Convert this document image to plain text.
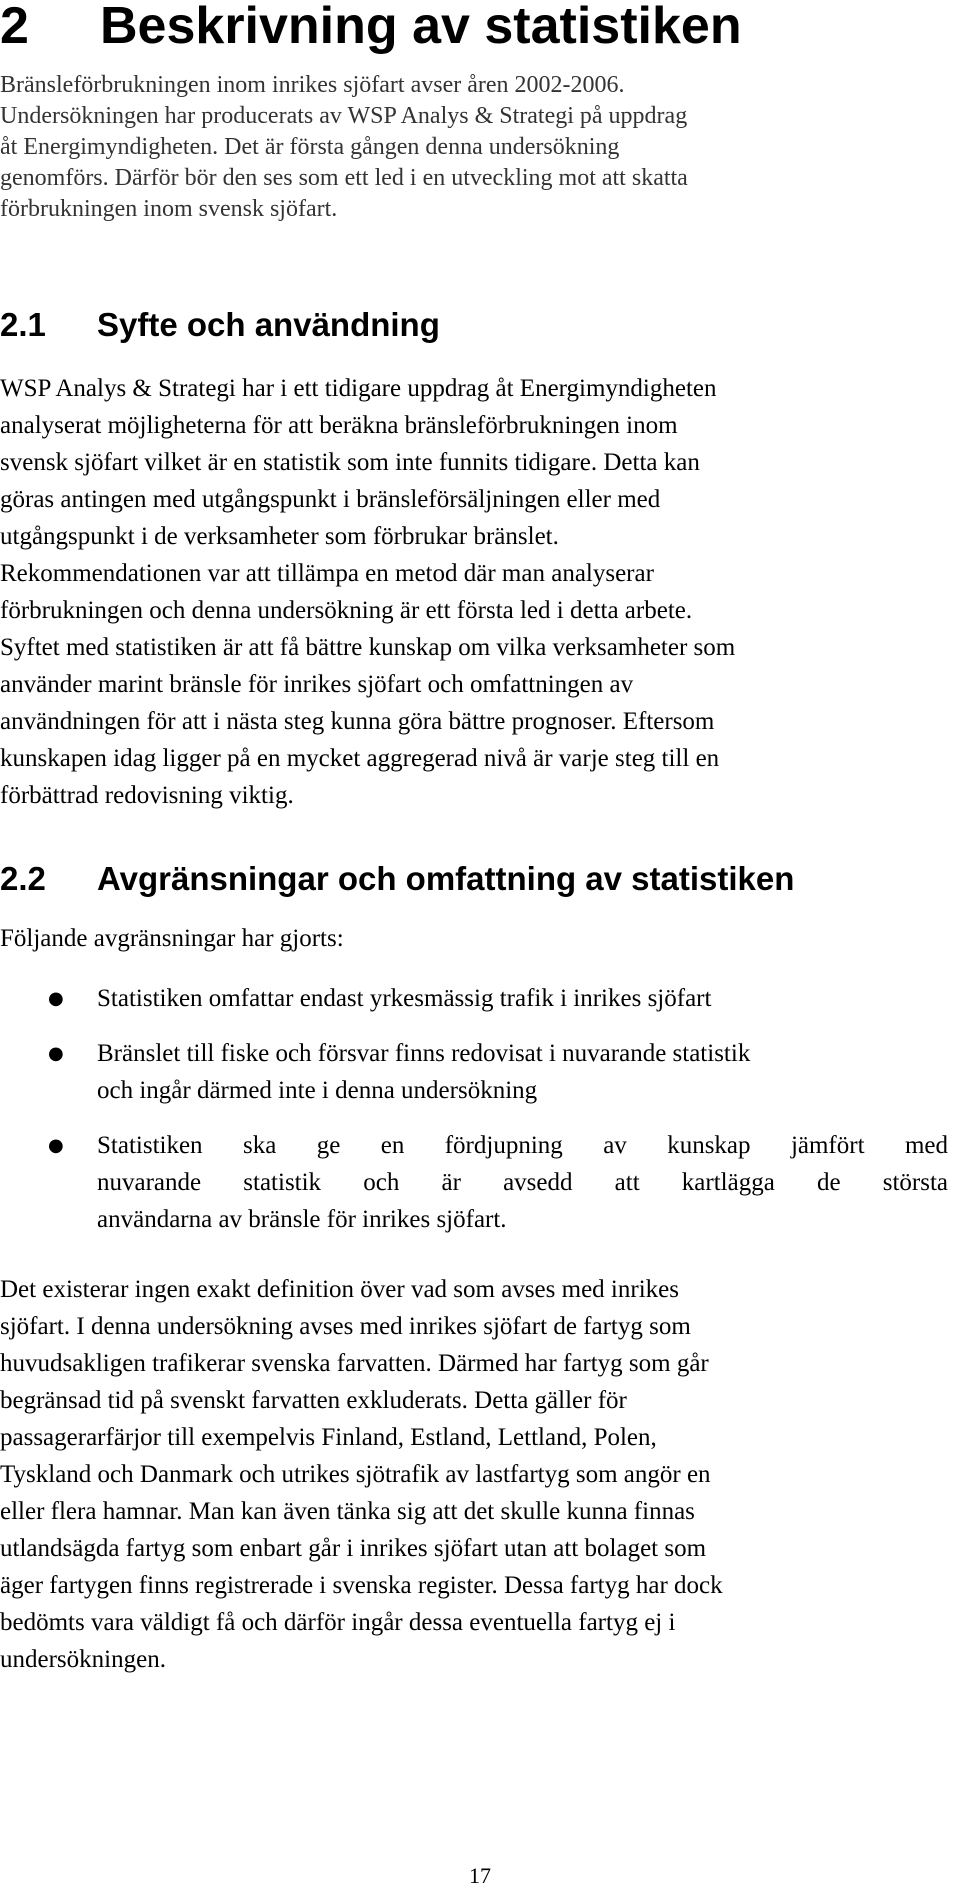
2 Beskrivning av statistiken

Bränsleförbrukningen inom inrikes sjöfart avser åren 2002-2006.
Undersökningen har producerats av WSP Analys & Strategi på uppdrag
åt Energimyndigheten. Det är första gången denna undersökning
genomförs. Därför bör den ses som ett led i en utveckling mot att skatta
förbrukningen inom svensk sjöfart.

2.1 Syfte och användning

WSP Analys & Strategi har i ett tidigare uppdrag åt Energimyndigheten
analyserat möjligheterna för att beräkna bränsleförbrukningen inom
svensk sjöfart vilket är en statistik som inte funnits tidigare. Detta kan
göras antingen med utgångspunkt i bränsleförsäljningen eller med
utgångspunkt i de verksamheter som förbrukar bränslet.
Rekommendationen var att tillämpa en metod där man analyserar
förbrukningen och denna undersökning är ett första led i detta arbete.
Syftet med statistiken är att få bättre kunskap om vilka verksamheter som
använder marint bränsle för inrikes sjöfart och omfattningen av
användningen för att i nästa steg kunna göra bättre prognoser. Eftersom
kunskapen idag ligger på en mycket aggregerad nivå är varje steg till en
förbättrad redovisning viktig.

2.2 Avgränsningar och omfattning av statistiken

Följande avgränsningar har gjorts:

● Statistiken omfattar endast yrkesmässig trafik i inrikes sjöfart
● Bränslet till fiske och försvar finns redovisat i nuvarande statistik
och ingår därmed inte i denna undersökning
● Statistiken ska ge en fördjupning av kunskap jämfört med
nuvarande statistik och är avsedd att kartlägga de största
användarna av bränsle för inrikes sjöfart.

Det existerar ingen exakt definition över vad som avses med inrikes
sjöfart. I denna undersökning avses med inrikes sjöfart de fartyg som
huvudsakligen trafikerar svenska farvatten. Därmed har fartyg som går
begränsad tid på svenskt farvatten exkluderats. Detta gäller för
passagerarfärjor till exempelvis Finland, Estland, Lettland, Polen,
Tyskland och Danmark och utrikes sjötrafik av lastfartyg som angör en
eller flera hamnar. Man kan även tänka sig att det skulle kunna finnas
utlandsägda fartyg som enbart går i inrikes sjöfart utan att bolaget som
äger fartygen finns registrerade i svenska register. Dessa fartyg har dock
bedömts vara väldigt få och därför ingår dessa eventuella fartyg ej i
undersökningen.

17
